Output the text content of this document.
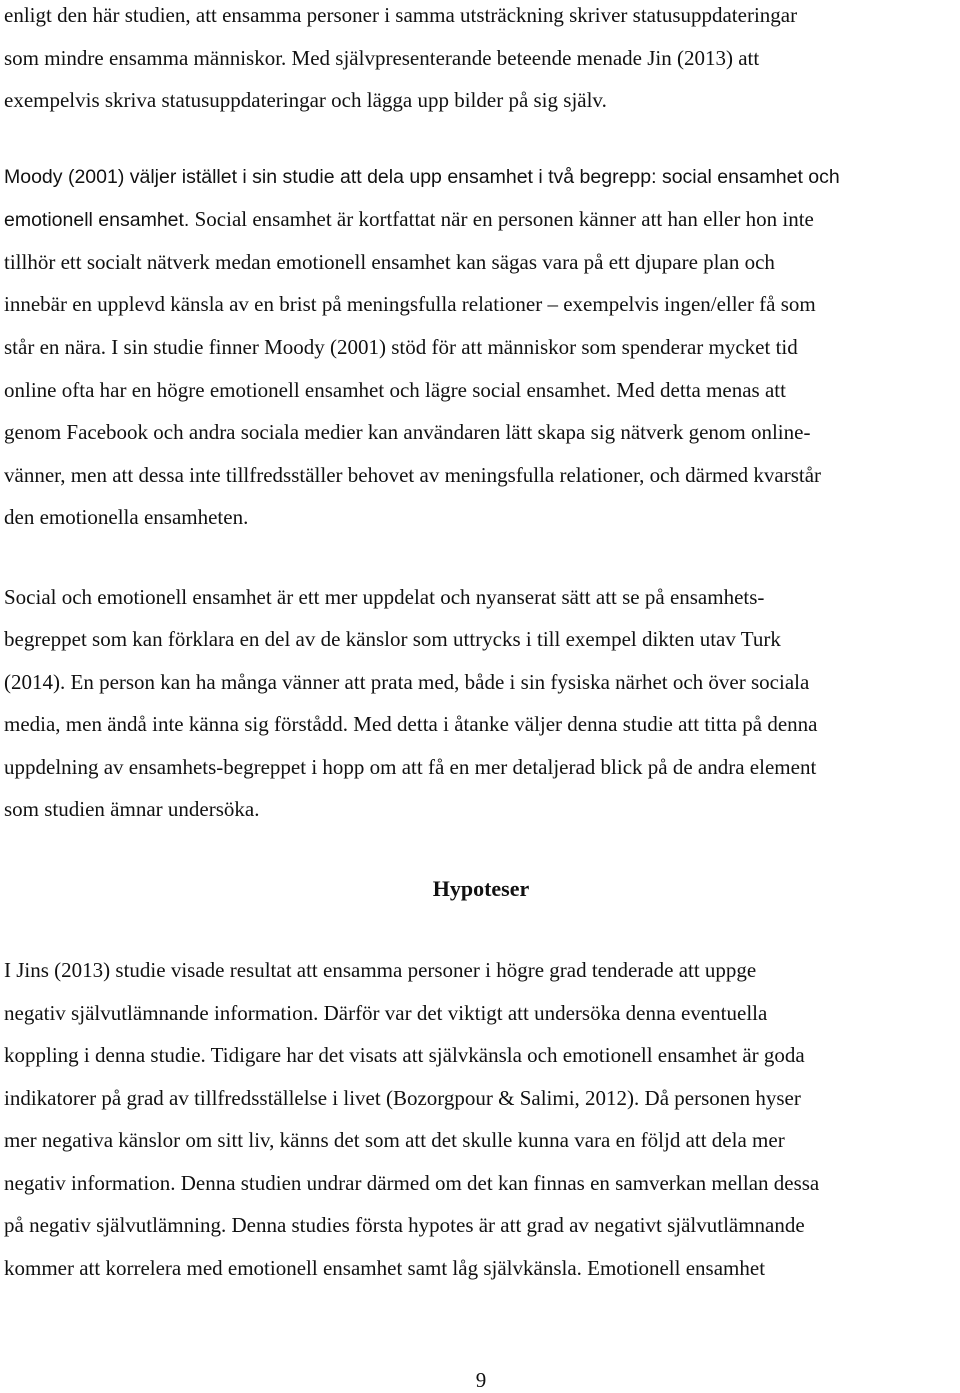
enligt den här studien, att ensamma personer i samma utsträckning skriver statusuppdateringar
som mindre ensamma människor. Med självpresenterande beteende menade Jin (2013) att
exempelvis skriva statusuppdateringar och lägga upp bilder på sig själv.
Moody (2001) väljer istället i sin studie att dela upp ensamhet i två begrepp: social ensamhet och
emotionell ensamhet. Social ensamhet är kortfattat när en personen känner att han eller hon inte
tillhör ett socialt nätverk medan emotionell ensamhet kan sägas vara på ett djupare plan och
innebär en upplevd känsla av en brist på meningsfulla relationer – exempelvis ingen/eller få som
står en nära. I sin studie finner Moody (2001) stöd för att människor som spenderar mycket tid
online ofta har en högre emotionell ensamhet och lägre social ensamhet. Med detta menas att
genom Facebook och andra sociala medier kan användaren lätt skapa sig nätverk genom online-
vänner, men att dessa inte tillfredsställer behovet av meningsfulla relationer, och därmed kvarstår
den emotionella ensamheten.
Social och emotionell ensamhet är ett mer uppdelat och nyanserat sätt att se på ensamhets-
begreppet som kan förklara en del av de känslor som uttrycks i till exempel dikten utav Turk
(2014). En person kan ha många vänner att prata med, både i sin fysiska närhet och över sociala
media, men ändå inte känna sig förstådd. Med detta i åtanke väljer denna studie att titta på denna
uppdelning av ensamhets-begreppet i hopp om att få en mer detaljerad blick på de andra element
som studien ämnar undersöka.
Hypoteser
I Jins (2013) studie visade resultat att ensamma personer i högre grad tenderade att uppge
negativ självutlämnande information. Därför var det viktigt att undersöka denna eventuella
koppling i denna studie. Tidigare har det visats att självkänsla och emotionell ensamhet är goda
indikatorer på grad av tillfredsställelse i livet (Bozorgpour & Salimi, 2012). Då personen hyser
mer negativa känslor om sitt liv, känns det som att det skulle kunna vara en följd att dela mer
negativ information. Denna studien undrar därmed om det kan finnas en samverkan mellan dessa
på negativ självutlämning. Denna studies första hypotes är att grad av negativt självutlämnande
kommer att korrelera med emotionell ensamhet samt låg självkänsla. Emotionell ensamhet
9
